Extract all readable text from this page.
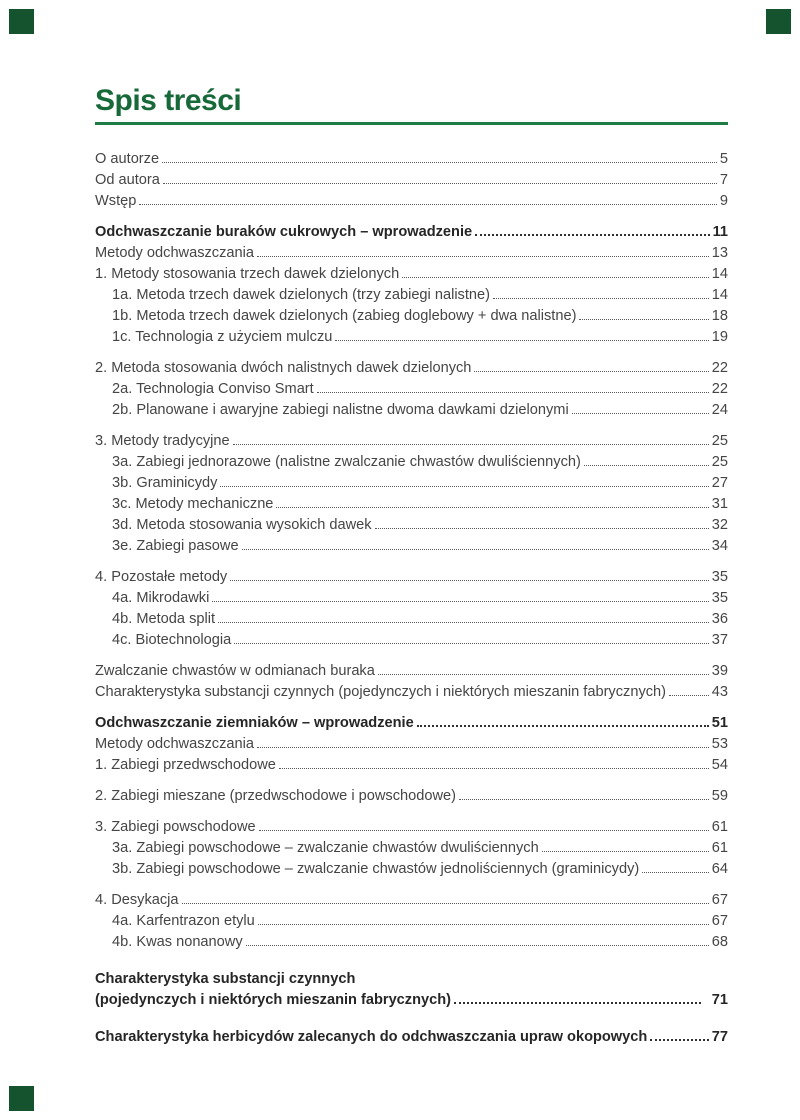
Spis treści
O autorze	5
Od autora	7
Wstęp	9
Odchwaszczanie buraków cukrowych – wprowadzenie	11
Metody odchwaszczania	13
1. Metody stosowania trzech dawek dzielonych	14
1a. Metoda trzech dawek dzielonych (trzy zabiegi nalistne)	14
1b. Metoda trzech dawek dzielonych (zabieg doglebowy + dwa nalistne)	18
1c. Technologia z użyciem mulczu	19
2. Metoda stosowania dwóch nalistnych dawek dzielonych	22
2a. Technologia Conviso Smart	22
2b. Planowane i awaryjne zabiegi nalistne dwoma dawkami dzielonymi	24
3. Metody tradycyjne	25
3a. Zabiegi jednorazowe (nalistne zwalczanie chwastów dwuliściennych)	25
3b. Graminicydy	27
3c. Metody mechaniczne	31
3d. Metoda stosowania wysokich dawek	32
3e. Zabiegi pasowe	34
4. Pozostałe metody	35
4a. Mikrodawki	35
4b. Metoda split	36
4c. Biotechnologia	37
Zwalczanie chwastów w odmianach buraka	39
Charakterystyka substancji czynnych (pojedynczych i niektórych mieszanin fabrycznych)	43
Odchwaszczanie ziemniaków – wprowadzenie	51
Metody odchwaszczania	53
1. Zabiegi przedwschodowe	54
2. Zabiegi mieszane (przedwschodowe i powschodowe)	59
3. Zabiegi powschodowe	61
3a. Zabiegi powschodowe – zwalczanie chwastów dwuliściennych	61
3b. Zabiegi powschodowe – zwalczanie chwastów jednoliściennych (graminicydy)	64
4. Desykacja	67
4a. Karfentrazon etylu	67
4b. Kwas nonanowy	68
Charakterystyka substancji czynnych
(pojedynczych i niektórych mieszanin fabrycznych)	71
Charakterystyka herbicydów zalecanych do odchwaszczania upraw okopowych	77
